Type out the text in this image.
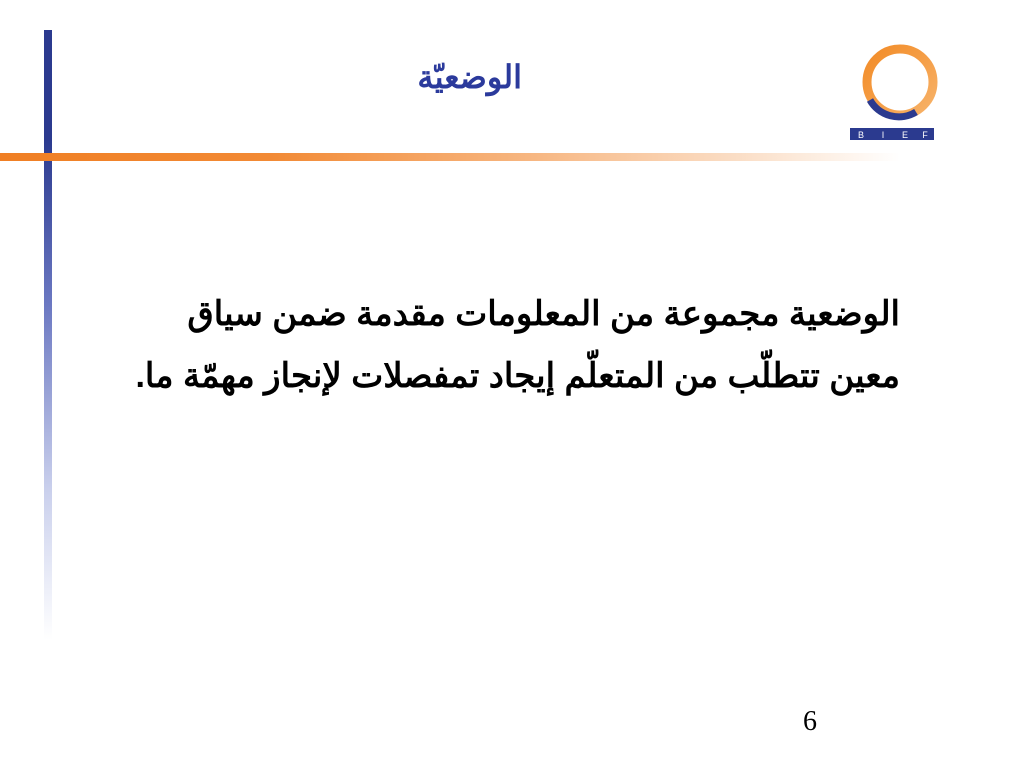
الوضعيّة
B I E F
الوضعية مجموعة من المعلومات مقدمة ضمن سياق معين تتطلّب من المتعلّم إيجاد تمفصلات لإنجاز مهمّة ما.
6
